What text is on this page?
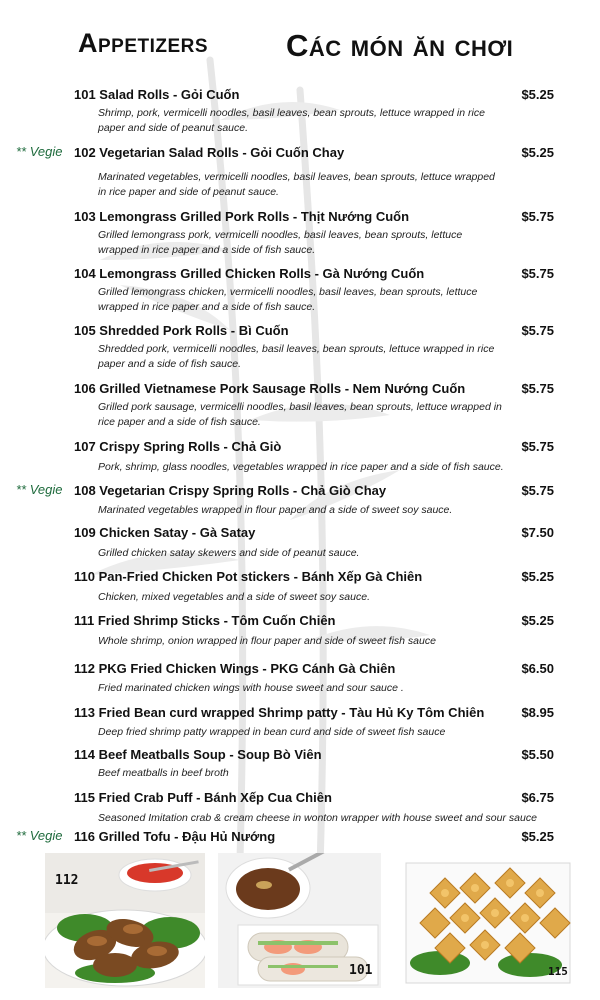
Appetizers	Các món ăn chơi
101 Salad Rolls - Gỏi Cuốn	$5.25
Shrimp, pork, vermicelli noodles, basil leaves, bean sprouts, lettuce wrapped in rice
paper and side of peanut sauce.
** Vegie 102 Vegetarian Salad Rolls - Gỏi Cuốn Chay	$5.25
Marinated vegetables, vermicelli noodles, basil leaves, bean sprouts, lettuce wrapped
in rice paper and side of peanut sauce.
103 Lemongrass Grilled Pork Rolls - Thịt Nướng Cuốn	$5.75
Grilled lemongrass pork, vermicelli noodles, basil leaves, bean sprouts, lettuce
wrapped in rice paper and a side of fish sauce.
104 Lemongrass Grilled Chicken Rolls - Gà Nướng Cuốn	$5.75
Grilled lemongrass chicken, vermicelli noodles, basil leaves, bean sprouts, lettuce
wrapped in rice paper and a side of fish sauce.
105 Shredded Pork Rolls - Bì Cuốn	$5.75
Shredded pork, vermicelli noodles, basil leaves, bean sprouts, lettuce wrapped in rice
paper and a side of fish sauce.
106 Grilled Vietnamese Pork Sausage Rolls - Nem Nướng Cuốn	$5.75
Grilled pork sausage, vermicelli noodles, basil leaves, bean sprouts, lettuce wrapped in
rice paper and a side of fish sauce.
107 Crispy Spring Rolls - Chả Giò	$5.75
Pork, shrimp, glass noodles, vegetables wrapped in rice paper and a side of fish sauce.
** Vegie 108 Vegetarian Crispy Spring Rolls - Chả Giò Chay	$5.75
Marinated vegetables wrapped in flour paper and a side of sweet soy sauce.
109 Chicken Satay - Gà Satay	$7.50
Grilled chicken satay skewers and side of peanut sauce.
110 Pan-Fried Chicken Pot stickers - Bánh Xếp Gà Chiên	$5.25
Chicken, mixed vegetables and a side of sweet soy sauce.
111 Fried Shrimp Sticks - Tôm Cuốn Chiên	$5.25
Whole shrimp, onion wrapped in flour paper and side of sweet fish sauce
112 PKG Fried Chicken Wings - PKG Cánh Gà Chiên	$6.50
Fried marinated chicken wings with house sweet and sour sauce .
113 Fried Bean curd wrapped Shrimp patty - Tàu Hủ Ky Tôm Chiên	$8.95
Deep fried shrimp patty wrapped in bean curd and side of sweet fish sauce
114 Beef Meatballs Soup - Soup Bò Viên	$5.50
Beef meatballs in beef broth
115 Fried Crab Puff - Bánh Xếp Cua Chiên	$6.75
Seasoned Imitation crab & cream cheese in wonton wrapper with house sweet and sour sauce
** Vegie 116 Grilled Tofu - Đậu Hủ Nướng	$5.25
112
101	115
